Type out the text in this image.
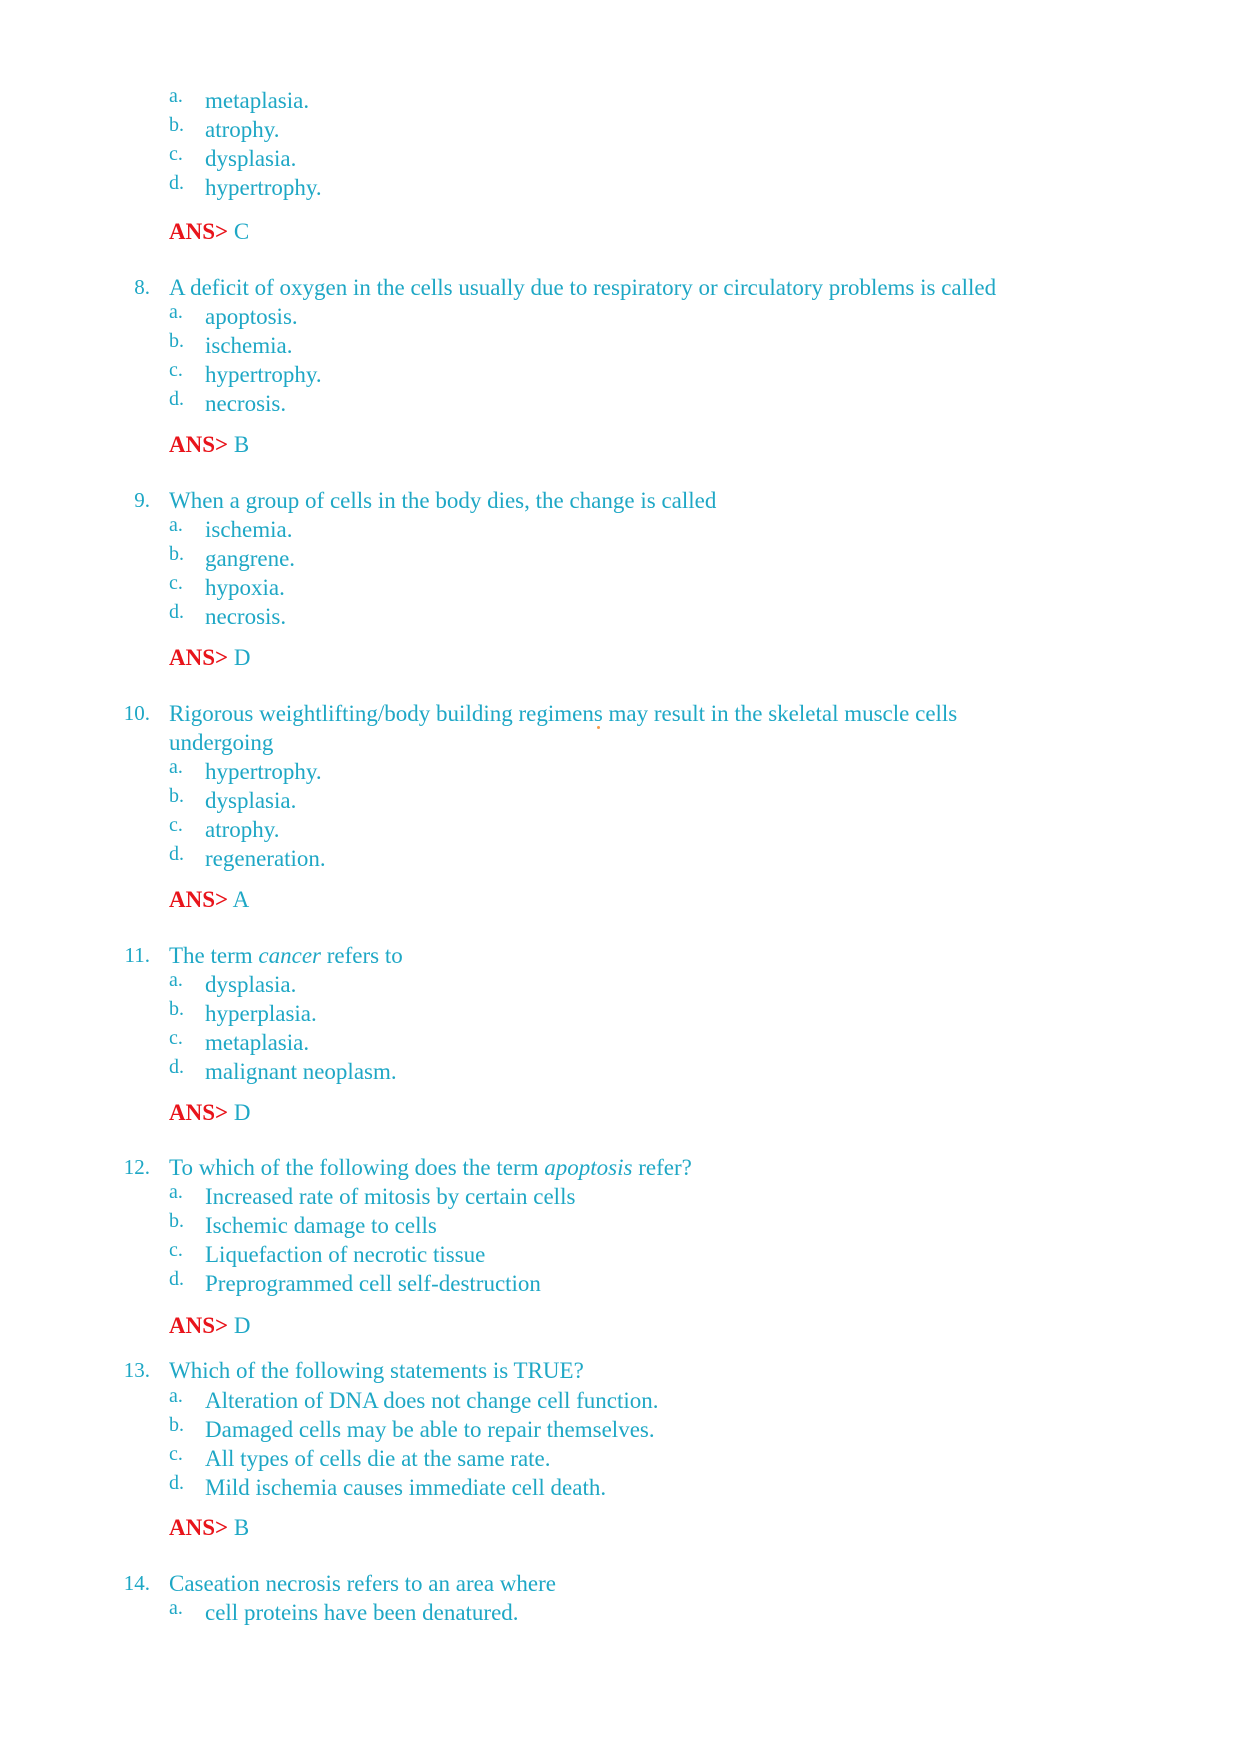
a. metaplasia.
b. atrophy.
c. dysplasia.
d. hypertrophy.
ANS> C
8. A deficit of oxygen in the cells usually due to respiratory or circulatory problems is called
a. apoptosis.
b. ischemia.
c. hypertrophy.
d. necrosis.
ANS> B
9. When a group of cells in the body dies, the change is called
a. ischemia.
b. gangrene.
c. hypoxia.
d. necrosis.
ANS> D
10. Rigorous weightlifting/body building regimens may result in the skeletal muscle cells
undergoing
a. hypertrophy.
b. dysplasia.
c. atrophy.
d. regeneration.
ANS> A
11. The term cancer refers to
a. dysplasia.
b. hyperplasia.
c. metaplasia.
d. malignant neoplasm.
ANS> D
12. To which of the following does the term apoptosis refer?
a. Increased rate of mitosis by certain cells
b. Ischemic damage to cells
c. Liquefaction of necrotic tissue
d. Preprogrammed cell self-destruction
ANS> D
13. Which of the following statements is TRUE?
a. Alteration of DNA does not change cell function.
b. Damaged cells may be able to repair themselves.
c. All types of cells die at the same rate.
d. Mild ischemia causes immediate cell death.
ANS> B
14. Caseation necrosis refers to an area where
a. cell proteins have been denatured.
